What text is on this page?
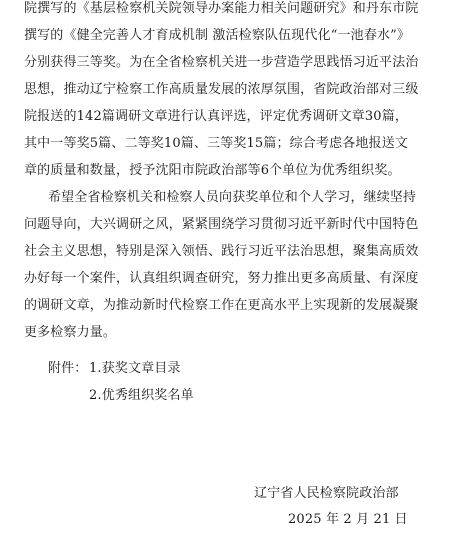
院撰写的《基层检察机关院领导办案能力相关问题研究》和丹东市院
撰写的《健全完善人才育成机制 激活检察队伍现代化“一池春水”》
分别获得三等奖。为在全省检察机关进一步营造学思践悟习近平法治
思想，推动辽宁检察工作高质量发展的浓厚氛围，省院政治部对三级
院报送的142篇调研文章进行认真评选，评定优秀调研文章30篇，
其中一等奖5篇、二等奖10篇、三等奖15篇；综合考虑各地报送文
章的质量和数量，授予沈阳市院政治部等6个单位为优秀组织奖。
希望全省检察机关和检察人员向获奖单位和个人学习，继续坚持
问题导向，大兴调研之风，紧紧围绕学习贯彻习近平新时代中国特色
社会主义思想，特别是深入领悟、践行习近平法治思想，聚集高质效
办好每一个案件，认真组织调查研究，努力推出更多高质量、有深度
的调研文章，为推动新时代检察工作在更高水平上实现新的发展凝聚
更多检察力量。
附件： 1.获奖文章目录
2.优秀组织奖名单
辽宁省人民检察院政治部
2025 年 2 月 21 日
